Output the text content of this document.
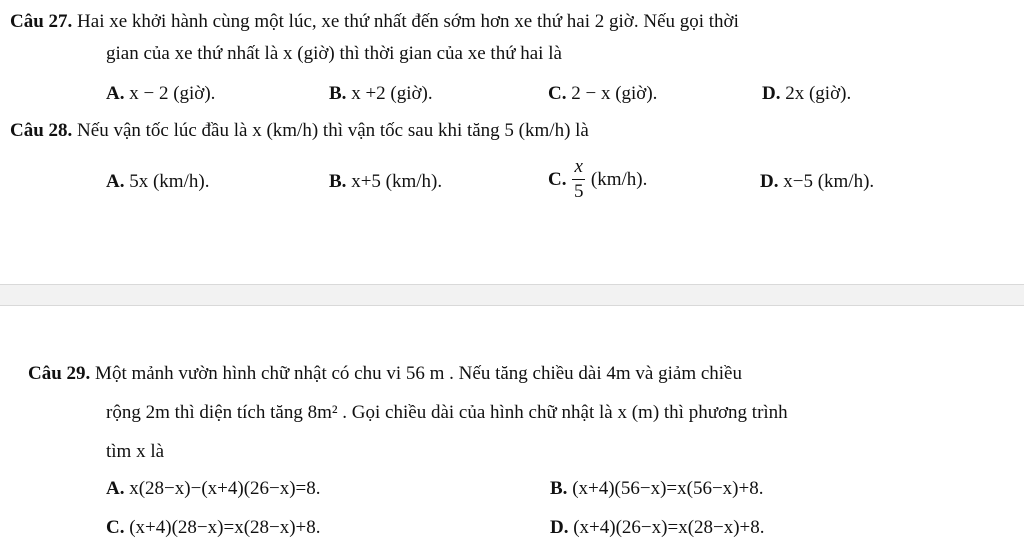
Câu 27. Hai xe khởi hành cùng một lúc, xe thứ nhất đến sớm hơn xe thứ hai 2 giờ. Nếu gọi thời
gian của xe thứ nhất là x (giờ) thì thời gian của xe thứ hai là
A. x − 2 (giờ).	B. x +2 (giờ).	C. 2 − x (giờ).	D. 2x (giờ).
Câu 28. Nếu vận tốc lúc đầu là x (km/h) thì vận tốc sau khi tăng 5 (km/h) là
A. 5x (km/h).	B. x+5 (km/h).	C. $\frac{x}{5} (km/h)$.	D. x−5 (km/h).
Câu 29. Một mảnh vườn hình chữ nhật có chu vi 56 m . Nếu tăng chiều dài 4m và giảm chiều
rộng 2m thì diện tích tăng 8m² . Gọi chiều dài của hình chữ nhật là x (m) thì phương trình
tìm x là
A. x(28−x)−(x+4)(26−x)=8.	B. (x+4)(56−x)=x(56−x)+8.
C. (x+4)(28−x)=x(28−x)+8.	D. (x+4)(26−x)=x(28−x)+8.
